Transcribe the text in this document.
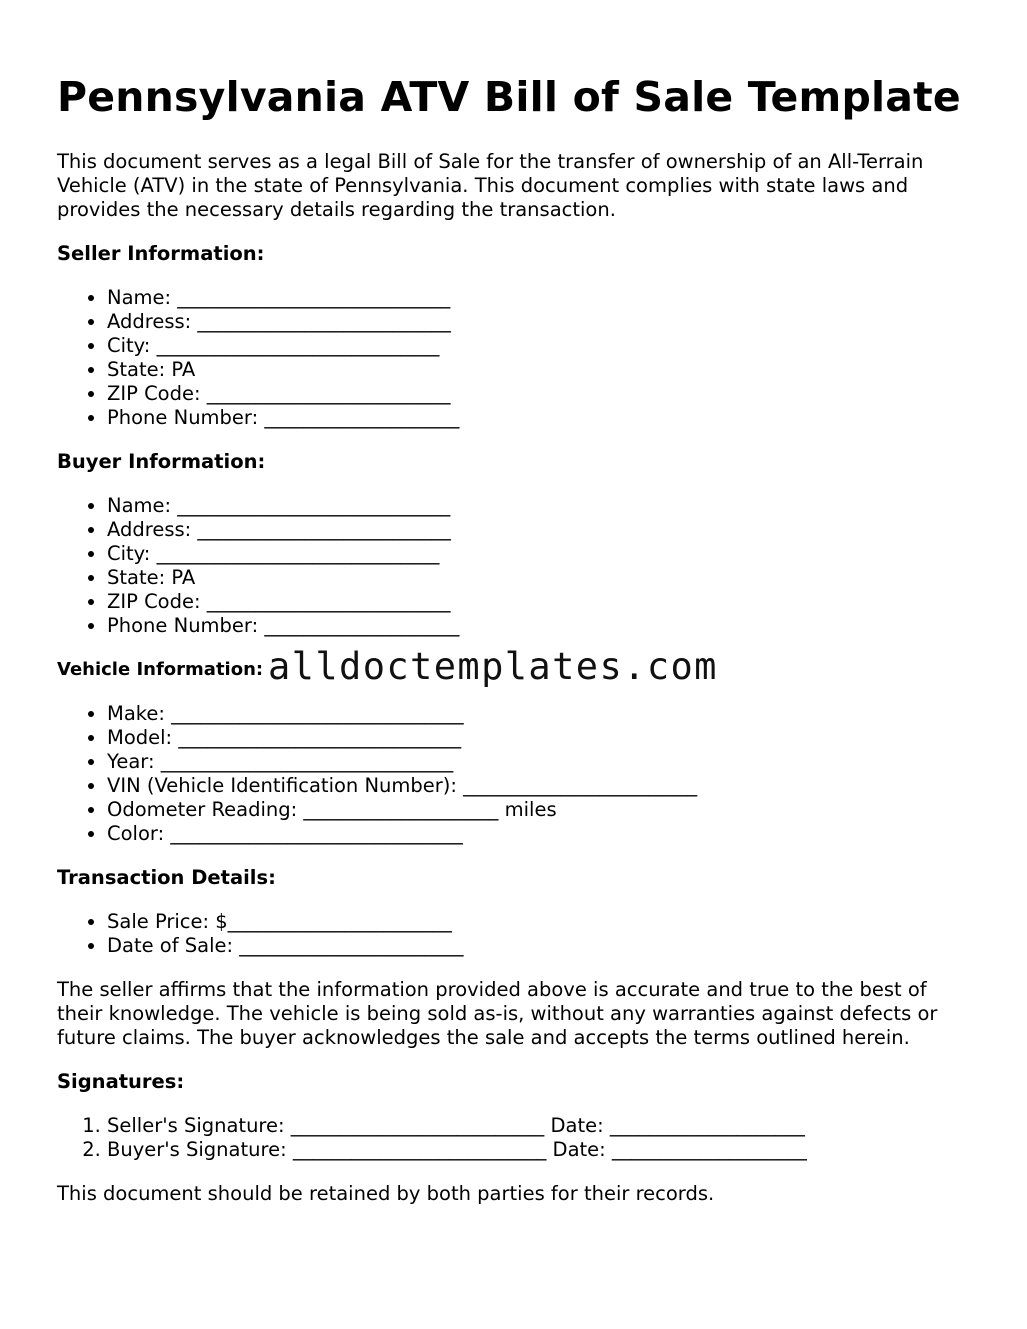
Pennsylvania ATV Bill of Sale Template

This document serves as a legal Bill of Sale for the transfer of ownership of an All-Terrain Vehicle (ATV) in the state of Pennsylvania. This document complies with state laws and provides the necessary details regarding the transaction.

Seller Information:
• Name: ____________________________
• Address: __________________________
• City: _____________________________
• State: PA
• ZIP Code: _________________________
• Phone Number: ____________________
Buyer Information:
• Name: ____________________________
• Address: __________________________
• City: _____________________________
• State: PA
• ZIP Code: _________________________
• Phone Number: ____________________
Vehicle Information:
• Make: ______________________________
• Model: _____________________________
• Year: ______________________________
• VIN (Vehicle Identification Number): ________________________
• Odometer Reading: ____________________ miles
• Color: ______________________________
Transaction Details:
• Sale Price: $_______________________
• Date of Sale: _______________________

The seller affirms that the information provided above is accurate and true to the best of their knowledge. The vehicle is being sold as-is, without any warranties against defects or future claims. The buyer acknowledges the sale and accepts the terms outlined herein.

Signatures:
1. Seller's Signature: __________________________ Date: ____________________
2. Buyer's Signature: __________________________ Date: ____________________

This document should be retained by both parties for their records.

alldoctemplates.com
